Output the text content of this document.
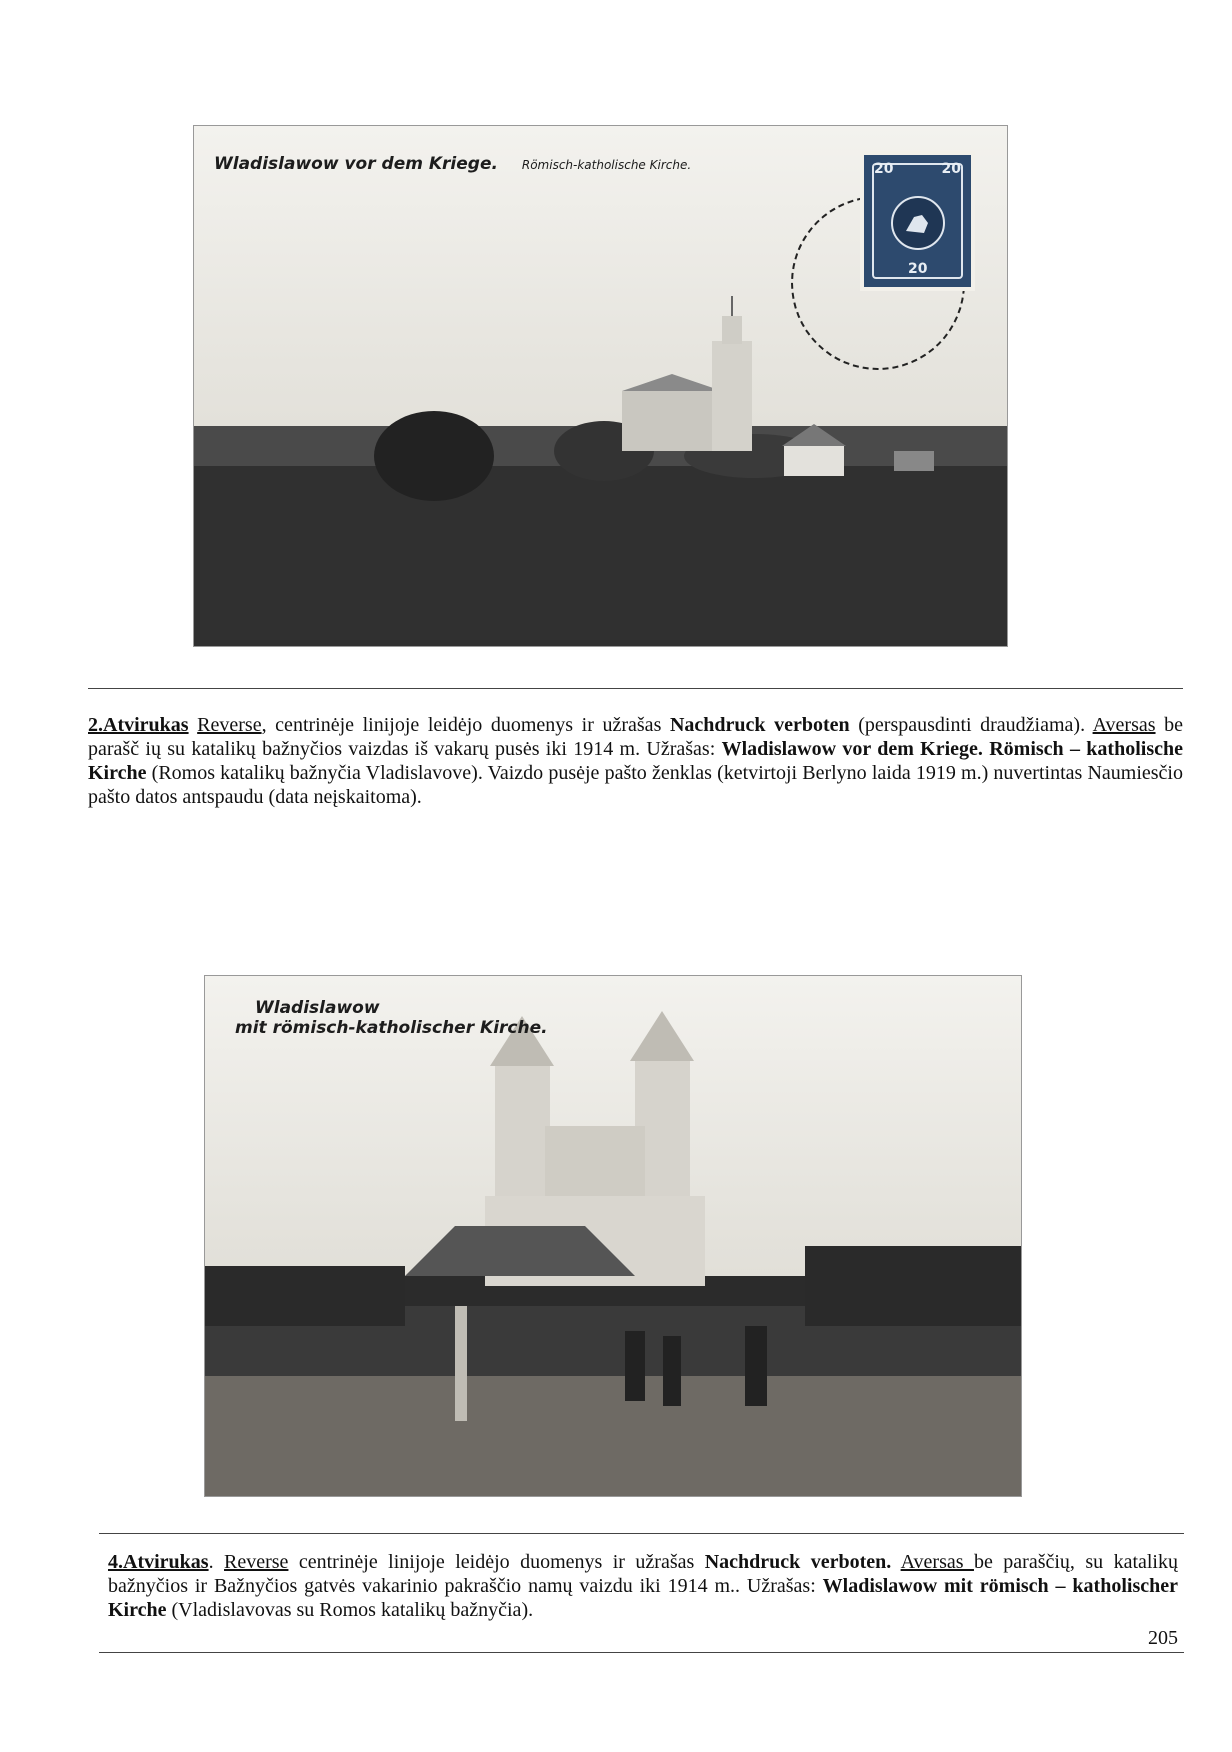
Wladislawow vor dem Kriege. Römisch-katholische Kirche.	20	20
20
2.Atvirukas Reverse, centrinėje linijoje leidėjo duomenys ir užrašas Nachdruck verboten (perspausdinti draudžiama). Aversas be parašč ių su katalikų bažnyčios vaizdas iš vakarų pusės iki 1914 m. Užrašas: Wladislawow vor dem Kriege. Römisch – katholische Kirche (Romos katalikų bažnyčia Vladislavove). Vaizdo pusėje pašto ženklas (ketvirtoji Berlyno laida 1919 m.) nuvertintas Naumiesčio pašto datos antspaudu (data neįskaitoma).
Wladislawow
mit römisch-katholischer Kirche.
4.Atvirukas. Reverse centrinėje linijoje leidėjo duomenys ir užrašas Nachdruck verboten. Aversas be paraščių, su katalikų bažnyčios ir Bažnyčios gatvės vakarinio pakraščio namų vaizdu iki 1914 m.. Užrašas: Wladislawow mit römisch – katholischer Kirche (Vladislavovas su Romos katalikų bažnyčia).
205
